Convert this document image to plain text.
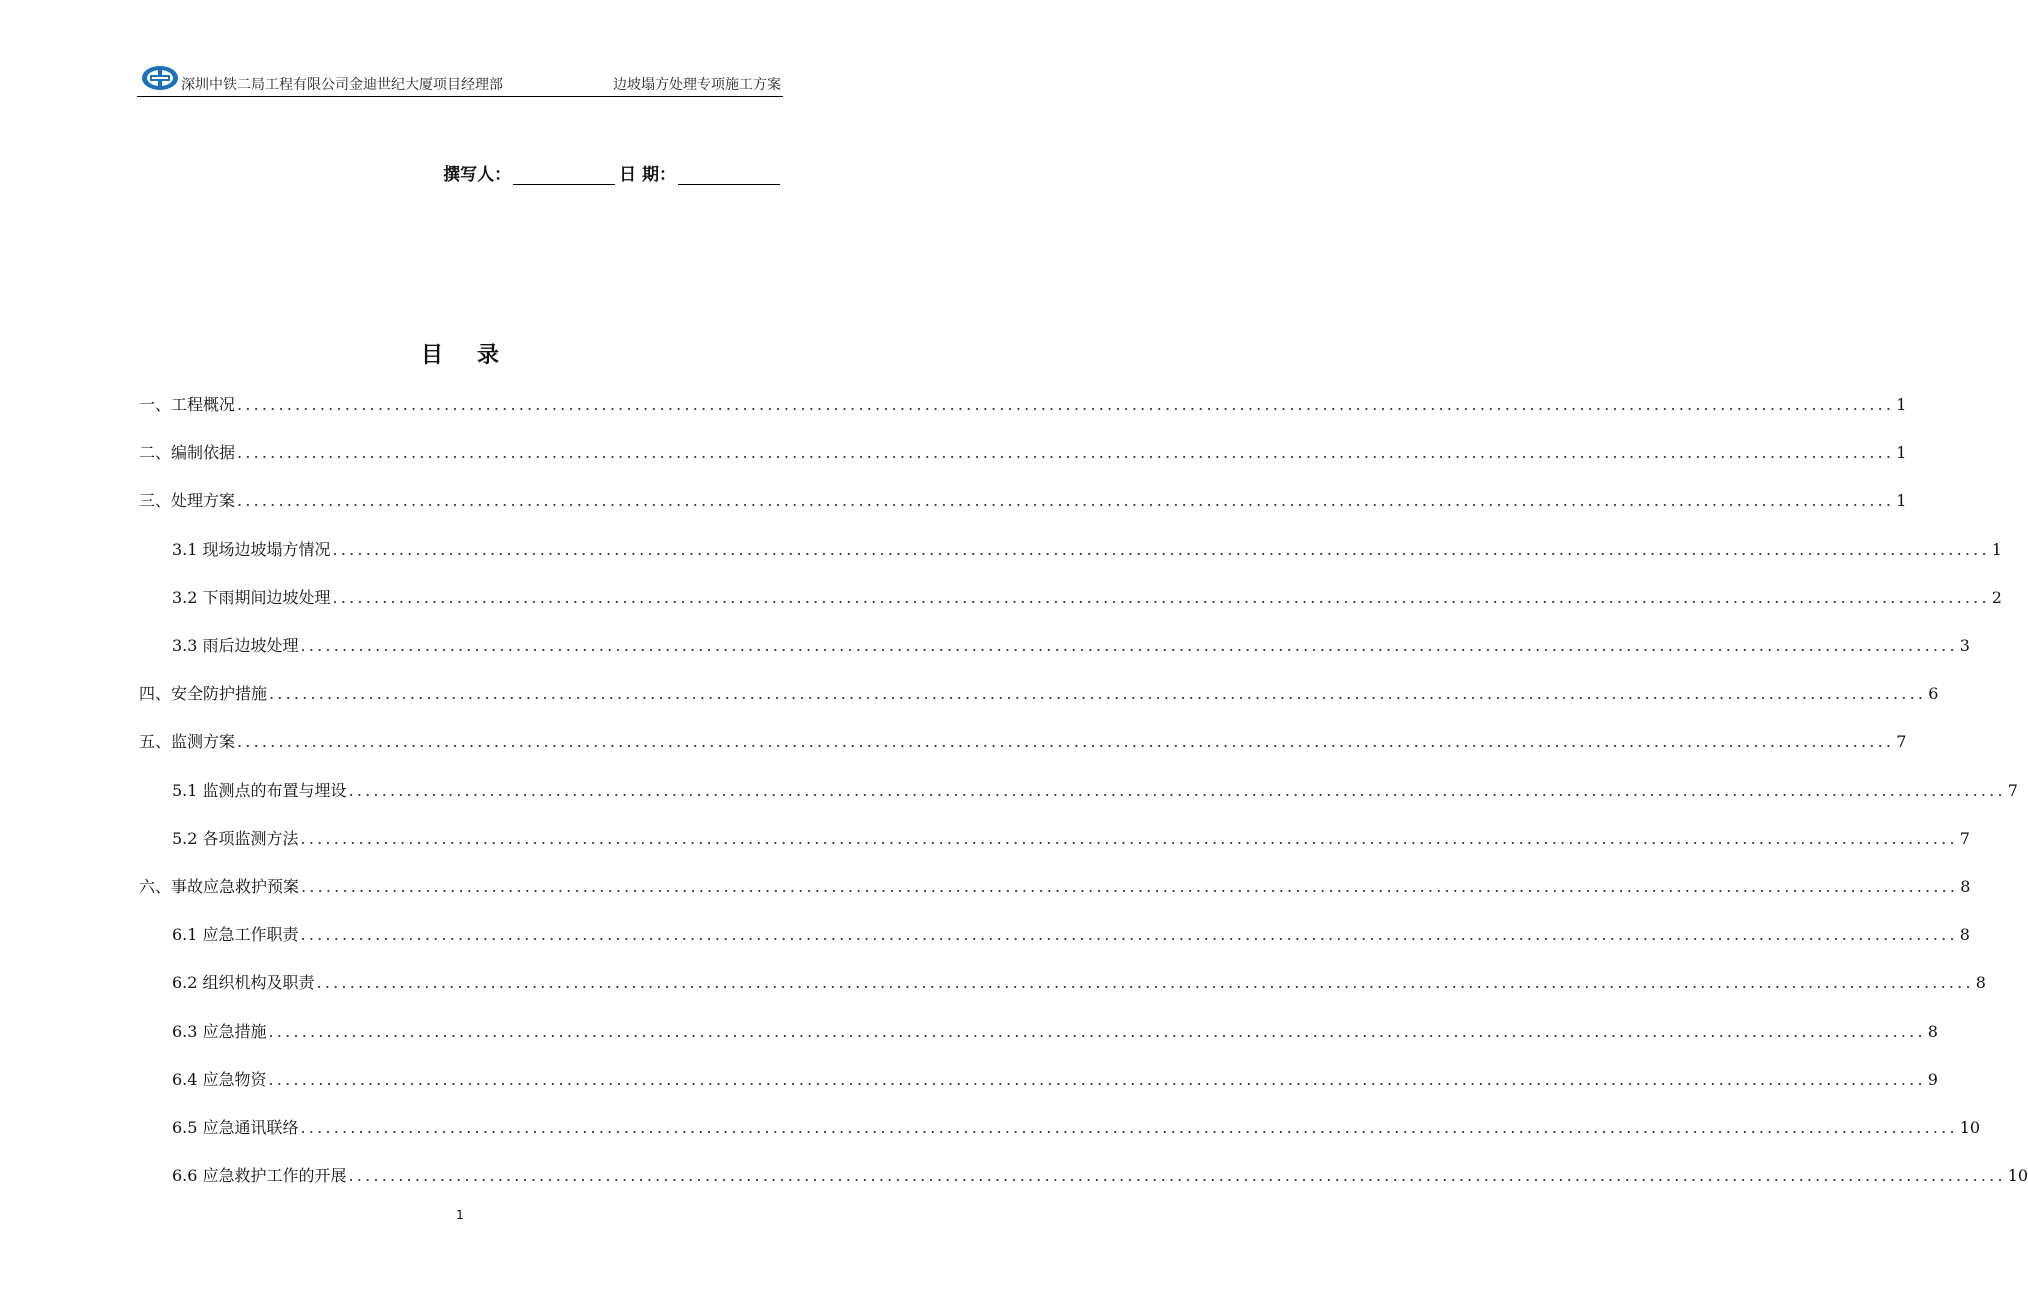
深圳中铁二局工程有限公司金迪世纪大厦项目经理部	边坡塌方处理专项施工方案
撰写人：	日 期：
目 录
一、工程概况 ........................................................................................................................................................................................................ 1
二、编制依据 ........................................................................................................................................................................................................ 1
三、处理方案 ........................................................................................................................................................................................................ 1
3.1 现场边坡塌方情况 ........................................................................................................................................................................................................ 1
3.2 下雨期间边坡处理 ........................................................................................................................................................................................................ 2
3.3 雨后边坡处理 ........................................................................................................................................................................................................ 3
四、安全防护措施 ........................................................................................................................................................................................................ 6
五、监测方案 ........................................................................................................................................................................................................ 7
5.1 监测点的布置与埋设 ........................................................................................................................................................................................................ 7
5.2 各项监测方法 ........................................................................................................................................................................................................ 7
六、事故应急救护预案 ........................................................................................................................................................................................................ 8
6.1 应急工作职责 ........................................................................................................................................................................................................ 8
6.2 组织机构及职责 ........................................................................................................................................................................................................ 8
6.3 应急措施 ........................................................................................................................................................................................................ 8
6.4 应急物资 ........................................................................................................................................................................................................ 9
6.5 应急通讯联络 ........................................................................................................................................................................................................ 10
6.6 应急救护工作的开展 ........................................................................................................................................................................................................ 10
1
